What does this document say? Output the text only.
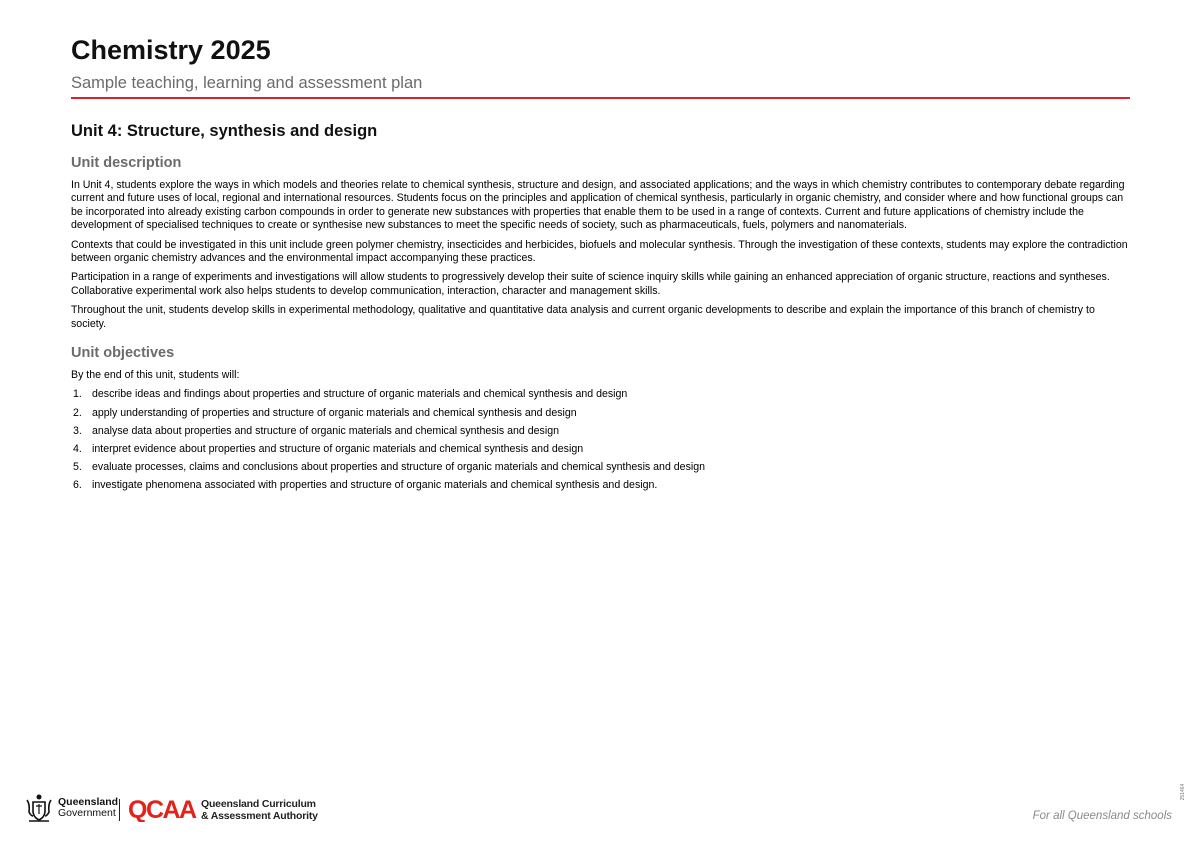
Chemistry 2025
Sample teaching, learning and assessment plan
Unit 4: Structure, synthesis and design
Unit description

In Unit 4, students explore the ways in which models and theories relate to chemical synthesis, structure and design, and associated applications; and the ways in which chemistry contributes to contemporary debate regarding current and future uses of local, regional and international resources. Students focus on the principles and application of chemical synthesis, particularly in organic chemistry, and consider where and how functional groups can be incorporated into already existing carbon compounds in order to generate new substances with properties that enable them to be used in a range of contexts. Current and future applications of chemistry include the development of specialised techniques to create or synthesise new substances to meet the specific needs of society, such as pharmaceuticals, fuels, polymers and nanomaterials.

Contexts that could be investigated in this unit include green polymer chemistry, insecticides and herbicides, biofuels and molecular synthesis. Through the investigation of these contexts, students may explore the contradiction between organic chemistry advances and the environmental impact accompanying these practices.

Participation in a range of experiments and investigations will allow students to progressively develop their suite of science inquiry skills while gaining an enhanced appreciation of organic structure, reactions and syntheses. Collaborative experimental work also helps students to develop communication, interaction, character and management skills.

Throughout the unit, students develop skills in experimental methodology, qualitative and quantitative data analysis and current organic developments to describe and explain the importance of this branch of chemistry to society.

Unit objectives

By the end of this unit, students will:

1. describe ideas and findings about properties and structure of organic materials and chemical synthesis and design
2. apply understanding of properties and structure of organic materials and chemical synthesis and design
3. analyse data about properties and structure of organic materials and chemical synthesis and design
4. interpret evidence about properties and structure of organic materials and chemical synthesis and design
5. evaluate processes, claims and conclusions about properties and structure of organic materials and chemical synthesis and design
6. investigate phenomena associated with properties and structure of organic materials and chemical synthesis and design.
251464
Queensland
Government QCAA Queensland Curriculum
& Assessment Authority	For all Queensland schools
